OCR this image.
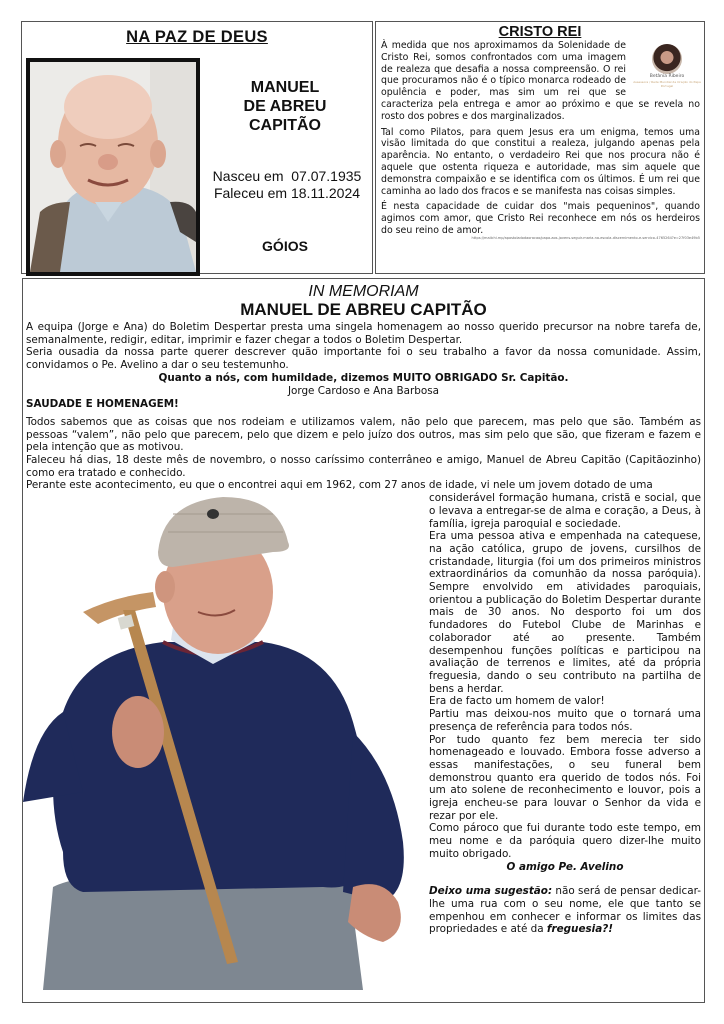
NA PAZ DE DEUS
MANUEL
DE ABREU
CAPITÃO
Nasceu em  07.07.1935
Faleceu em 18.11.2024
GÓIOS
CRISTO REI
Betânia Ribeiro
Assessora / Rede Mundial de Oração do Papa Portugal

À medida que nos aproximamos da Solenidade de Cristo Rei, somos confrontados com uma imagem de realeza que desafia a nossa compreensão. O rei que procuramos não é o típico monarca rodeado de opulência e poder, mas sim um rei que se caracteriza pela entrega e amor ao próximo e que se revela no rosto dos pobres e dos marginalizados.

Tal como Pilatos, para quem Jesus era um enigma, temos uma visão limitada do que constitui a realeza, julgando apenas pela aparência. No entanto, o verdadeiro Rei que nos procura não é aquele que ostenta riqueza e autoridade, mas sim aquele que demonstra compaixão e se identifica com os últimos. É um rei que caminha ao lado dos fracos e se manifesta nas coisas simples.

É nesta capacidade de cuidar dos "mais pequeninos", quando agimos com amor, que Cristo Rei reconhece em nós os herdeiros do seu reino de amor.

https://mailchi.mp/apostoladodaoracao/papa-aos-jovens-seguir-maria-na-escola-discernimento-e-servico-4765264?e=27f03e49b5
IN MEMORIAM
MANUEL DE ABREU CAPITÃO

A equipa (Jorge e Ana) do Boletim Despertar presta uma singela homenagem ao nosso querido precursor na nobre tarefa de, semanalmente, redigir, editar, imprimir e fazer chegar a todos o Boletim Despertar.

Seria ousadia da nossa parte querer descrever quão importante foi o seu trabalho a favor da nossa comunidade. Assim, convidamos o Pe. Avelino a dar o seu testemunho.

Quanto a nós, com humildade, dizemos MUITO OBRIGADO Sr. Capitão.

Jorge Cardoso e Ana Barbosa

SAUDADE E HOMENAGEM!

Todos sabemos que as coisas que nos rodeiam e utilizamos valem, não pelo que parecem, mas pelo que são. Também as pessoas “valem”, não pelo que parecem, pelo que dizem e pelo juízo dos outros, mas sim pelo que são, que fizeram e fazem e pela intenção que as motivou.

Faleceu há dias, 18 deste mês de novembro, o nosso caríssimo conterrâneo e amigo, Manuel de Abreu Capitão (Capitãozinho) como era tratado e conhecido.

Perante este acontecimento, eu que o encontrei aqui em 1962, com 27 anos de idade, vi nele um jovem dotado de uma

considerável formação humana, cristã e social, que o levava a entregar-se de alma e coração, a Deus, à família, igreja paroquial e sociedade.

Era uma pessoa ativa e empenhada na catequese, na ação católica, grupo de jovens, cursilhos de cristandade, liturgia (foi um dos primeiros ministros extraordinários da comunhão da nossa paróquia). Sempre envolvido em atividades paroquiais, orientou a publicação do Boletim Despertar durante mais de 30 anos. No desporto foi um dos fundadores do Futebol Clube de Marinhas e colaborador até ao presente. Também desempenhou funções políticas e participou na avaliação de terrenos e limites, até da própria freguesia, dando o seu contributo na partilha de bens a herdar.

Era de facto um homem de valor!

Partiu mas deixou-nos muito que o tornará uma presença de referência para todos nós.

Por tudo quanto fez bem merecia ter sido homenageado e louvado. Embora fosse adverso a essas manifestações, o seu funeral bem demonstrou quanto era querido de todos nós. Foi um ato solene de reconhecimento e louvor, pois a igreja encheu-se para louvar o Senhor da vida e rezar por ele.

Como pároco que fui durante todo este tempo, em meu nome e da paróquia quero dizer-lhe muito muito obrigado.

O amigo Pe. Avelino

Deixo uma sugestão: não será de pensar dedicar-lhe uma rua com o seu nome, ele que tanto se empenhou em conhecer e informar os limites das propriedades e até da freguesia?!
